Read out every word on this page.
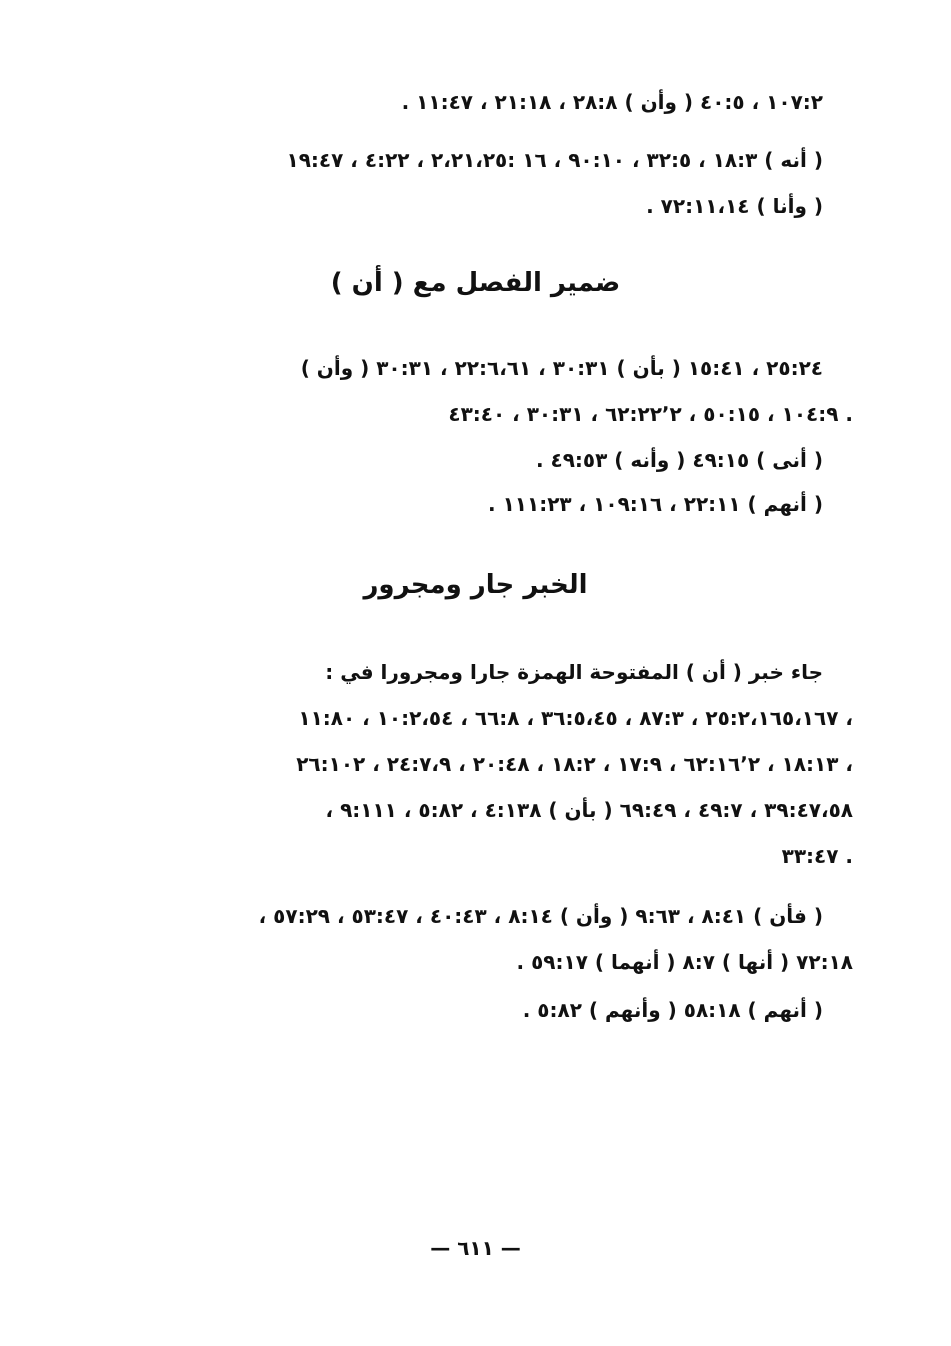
١٠٧:٢ ، ٤٠:٥ ( وأن ) ٢٨:٨ ، ٢١:١٨ ، ١١:٤٧ .
( أنه ) ١٨:٣ ، ٣٢:٥ ، ٩٠:١٠ ، ١٦ :٢،٢١،٢٥ ، ٤:٢٢ ، ١٩:٤٧
( وأنا ) ٧٢:١١،١٤ .
ضمير الفصل مع ( أن )
٢٥:٢٤ ، ١٥:٤١ ( بأن ) ٣٠:٣١ ، ٢٢:٦،٦١ ، ٣٠:٣١ ( وأن )
١٠٤:٩ ، ٥٠:١٥ ، ٦٢:٢٢٬٢ ، ٣٠:٣١ ، ٤٣:٤٠ .
( أنى ) ٤٩:١٥ ( وأنه ) ٤٩:٥٣ .
( أنهم ) ٢٢:١١ ، ١٠٩:١٦ ، ١١١:٢٣ .
الخبر جار ومجرور
جاء خبر ( أن ) المفتوحة الهمزة جارا ومجرورا في :
٢٥:٢،١٦٥،١٦٧ ، ٨٧:٣ ، ٣٦:٥،٤٥ ، ٦٦:٨ ، ١٠:٢،٥٤ ، ١١:٨٠ ،
١٨:١٣ ، ٦٢:١٦٬٢ ، ١٧:٩ ، ١٨:٢ ، ٢٠:٤٨ ، ٢٤:٧،٩ ، ٢٦:١٠٢ ،
٣٩:٤٧،٥٨ ، ٤٩:٧ ، ٦٩:٤٩ ( بأن ) ٤:١٣٨ ، ٥:٨٢ ، ٩:١١١ ،
٣٣:٤٧ .
( فأن ) ٨:٤١ ، ٩:٦٣ ( وأن ) ٨:١٤ ، ٤٠:٤٣ ، ٥٣:٤٧ ، ٥٧:٢٩ ،
٧٢:١٨ ( أنها ) ٨:٧ ( أنهما ) ٥٩:١٧ .
( أنهم ) ٥٨:١٨ ( وأنهم ) ٥:٨٢ .
— ٦١١ —
